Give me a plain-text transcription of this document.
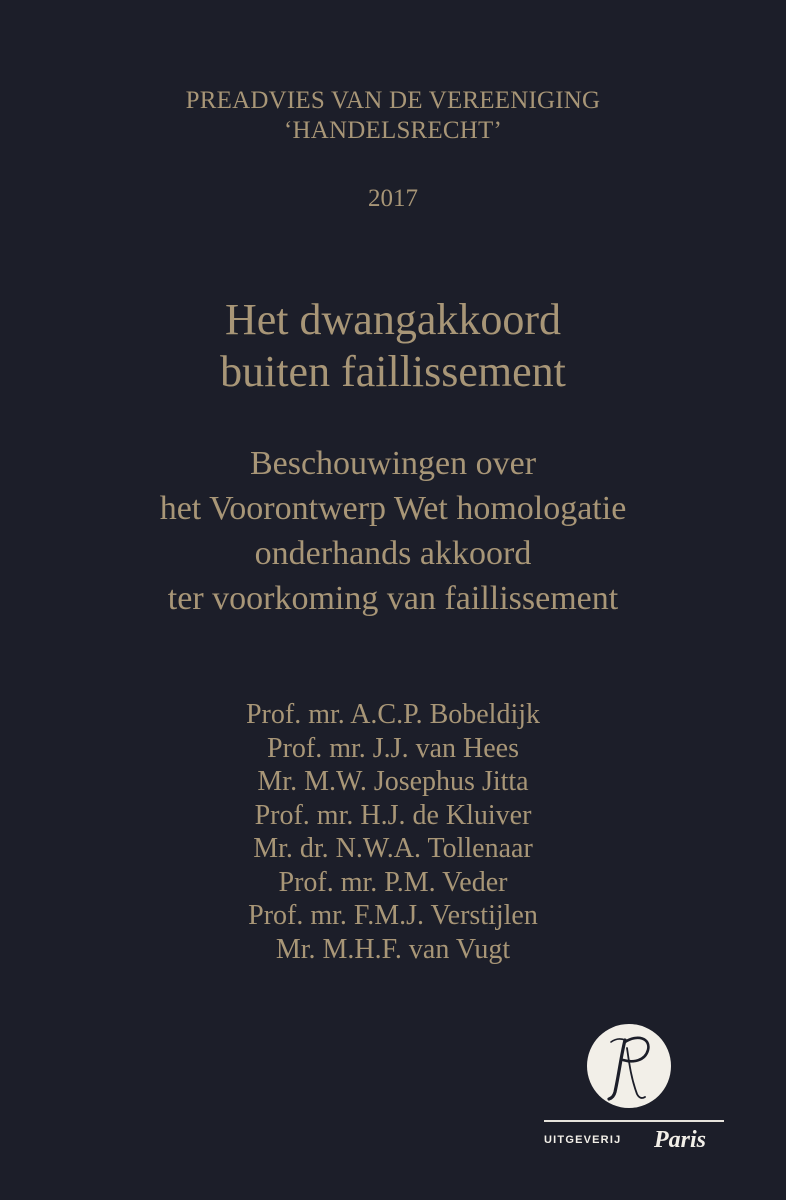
PREADVIES VAN DE VEREENIGING
‘HANDELSRECHT’
2017
Het dwangakkoord
buiten faillissement
Beschouwingen over
het Voorontwerp Wet homologatie
onderhands akkoord
ter voorkoming van faillissement
Prof. mr. A.C.P. Bobeldijk
Prof. mr. J.J. van Hees
Mr. M.W. Josephus Jitta
Prof. mr. H.J. de Kluiver
Mr. dr. N.W.A. Tollenaar
Prof. mr. P.M. Veder
Prof. mr. F.M.J. Verstijlen
Mr. M.H.F. van Vugt
UITGEVERIJ Paris
